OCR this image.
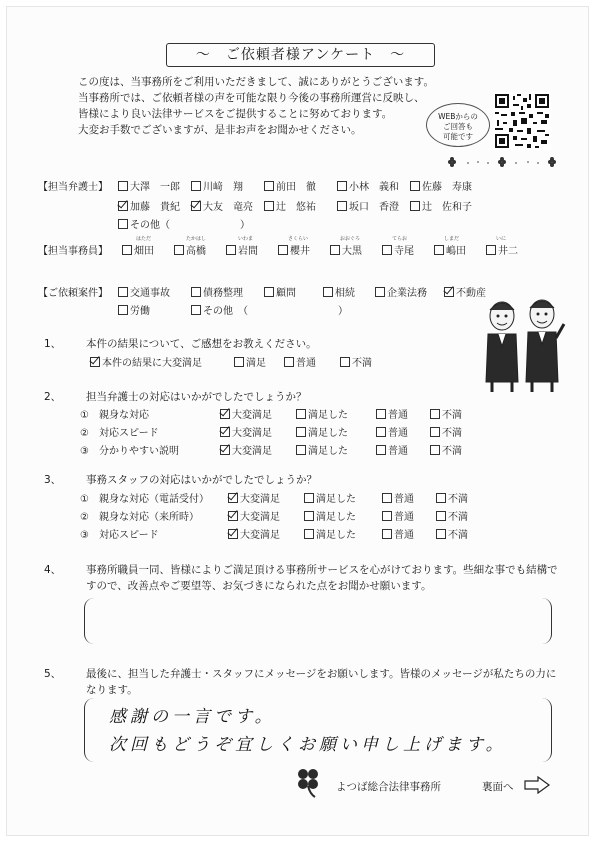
～　ご依頼者様アンケート　～
この度は、当事務所をご利用いただきまして、誠にありがとうございます。
当事務所では、ご依頼者様の声を可能な限り今後の事務所運営に反映し、
皆様により良い法律サービスをご提供することに努めております。
大変お手数でございますが、是非お声をお聞かせください。
WEBからの
ご回答も
可能です
【担当弁護士】 大澤　一郎 川﨑　翔	前田　徹	小林　義和 佐藤　寿康
加藤　貴紀 大友　竜亮 辻　悠祐	坂口　香澄 辻　佐和子
その他（　　　　　　　）
【担当事務員】
はただ	たかはし	いわま	さくらい	おおぐろ	てらお	しまだ	いに
畑田	高橋	岩間	櫻井	大黒	寺尾	嶋田	井二
【ご依頼案件】 交通事故	債務整理	顧問	相続	企業法務	不動産
労働	その他　（　　　　　　　　　）
1、 本件の結果について、ご感想をお教えください。
本件の結果に大変満足	満足	普通	不満
2、 担当弁護士の対応はいかがでしたでしょうか？
①　親身な対応	大変満足	満足した	普通	不満
②　対応スピード	大変満足	満足した	普通	不満
③　分かりやすい説明	大変満足	満足した	普通	不満
3、 事務スタッフの対応はいかがでしたでしょうか？
①　親身な対応（電話受付）	大変満足	満足した	普通	不満
②　親身な対応（来所時）	大変満足	満足した	普通	不満
③　対応スピード	大変満足	満足した	普通	不満
4、 事務所職員一同、皆様によりご満足頂ける事務所サービスを心がけております。些細な事でも結構で
すので、改善点やご要望等、お気づきになられた点をお聞かせ願います。
5、 最後に、担当した弁護士・スタッフにメッセージをお願いします。皆様のメッセージが私たちの力に
なります。
感謝の一言です。
次回もどうぞ宜しくお願い申し上げます。
よつば総合法律事務所	裏面へ
